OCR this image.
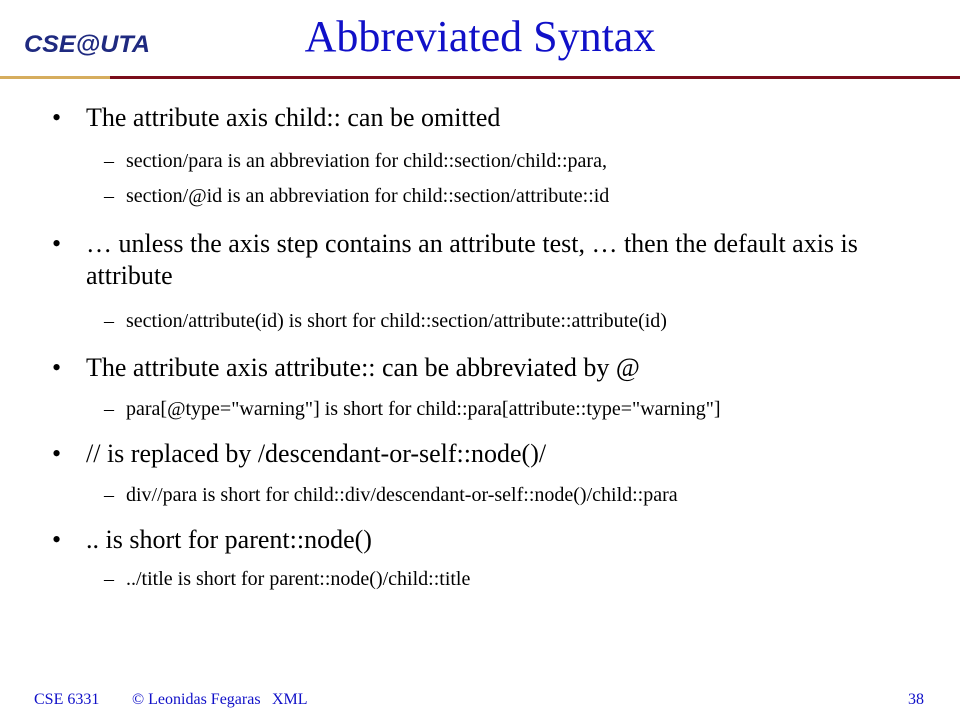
CSE@UTA	Abbreviated Syntax
• The attribute axis child:: can be omitted
– section/para is an abbreviation for child::section/child::para,
– section/@id is an abbreviation for child::section/attribute::id
• … unless the axis step contains an attribute test, … then the default axis is attribute
– section/attribute(id) is short for child::section/attribute::attribute(id)
• The attribute axis attribute:: can be abbreviated by @
– para[@type="warning"] is short for child::para[attribute::type="warning"]
• // is replaced by /descendant-or-self::node()/
– div//para is short for child::div/descendant-or-self::node()/child::para
• .. is short for parent::node()
– ../title is short for parent::node()/child::title
CSE 6331 © Leonidas Fegaras XML	38
